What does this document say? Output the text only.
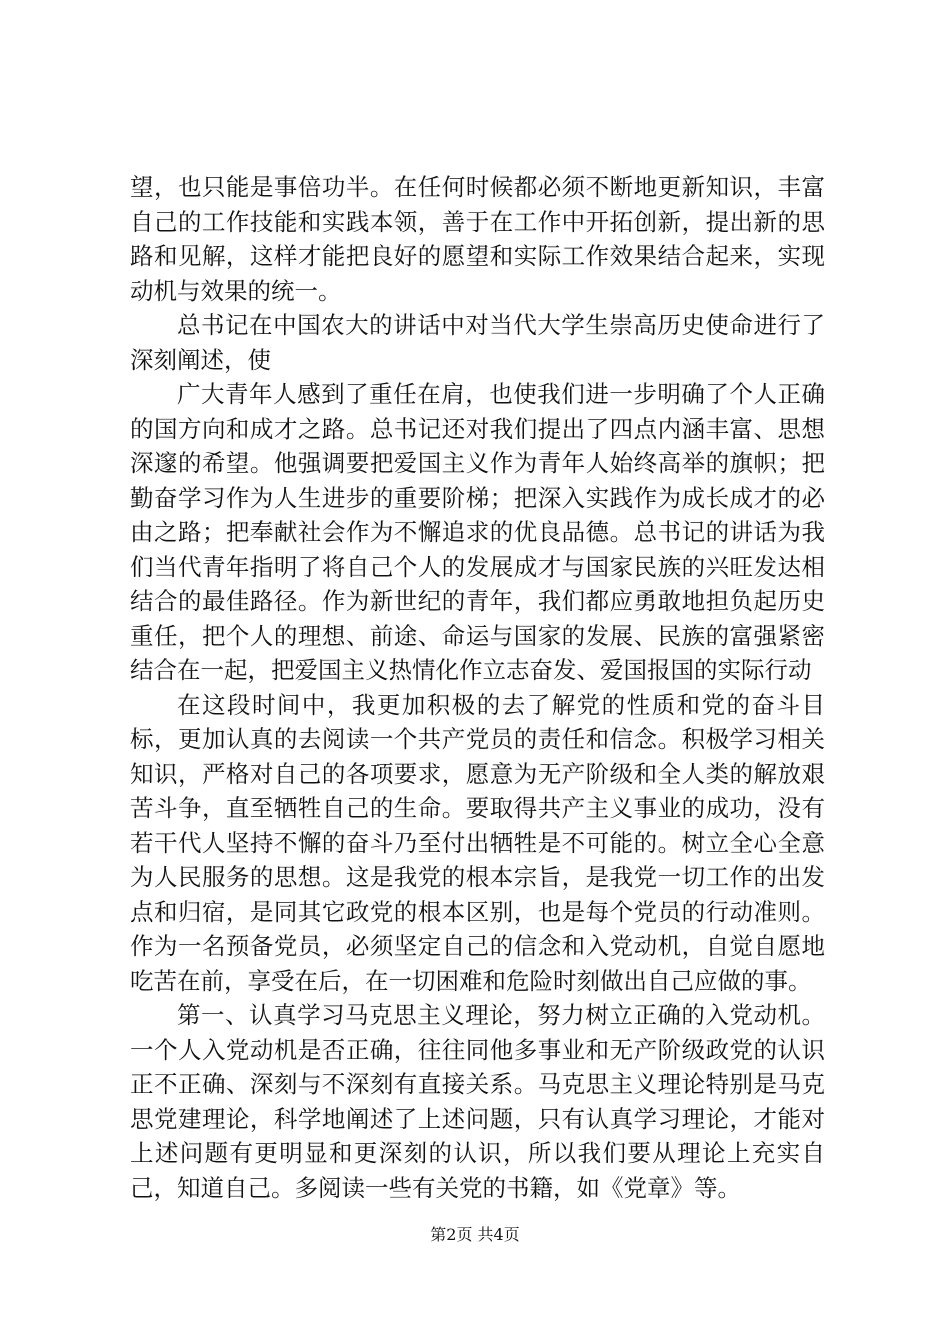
望，也只能是事倍功半。在任何时候都必须不断地更新知识，丰富自己的工作技能和实践本领，善于在工作中开拓创新，提出新的思路和见解，这样才能把良好的愿望和实际工作效果结合起来，实现动机与效果的统一。

总书记在中国农大的讲话中对当代大学生崇高历史使命进行了深刻阐述，使

广大青年人感到了重任在肩，也使我们进一步明确了个人正确的国方向和成才之路。总书记还对我们提出了四点内涵丰富、思想深邃的希望。他强调要把爱国主义作为青年人始终高举的旗帜；把勤奋学习作为人生进步的重要阶梯；把深入实践作为成长成才的必由之路；把奉献社会作为不懈追求的优良品德。总书记的讲话为我们当代青年指明了将自己个人的发展成才与国家民族的兴旺发达相结合的最佳路径。作为新世纪的青年，我们都应勇敢地担负起历史重任，把个人的理想、前途、命运与国家的发展、民族的富强紧密结合在一起，把爱国主义热情化作立志奋发、爱国报国的实际行动

在这段时间中，我更加积极的去了解党的性质和党的奋斗目标，更加认真的去阅读一个共产党员的责任和信念。积极学习相关知识，严格对自己的各项要求，愿意为无产阶级和全人类的解放艰苦斗争，直至牺牲自己的生命。要取得共产主义事业的成功，没有若干代人坚持不懈的奋斗乃至付出牺牲是不可能的。树立全心全意为人民服务的思想。这是我党的根本宗旨，是我党一切工作的出发点和归宿，是同其它政党的根本区别，也是每个党员的行动准则。作为一名预备党员，必须坚定自己的信念和入党动机，自觉自愿地吃苦在前，享受在后，在一切困难和危险时刻做出自己应做的事。

第一、认真学习马克思主义理论，努力树立正确的入党动机。一个人入党动机是否正确，往往同他多事业和无产阶级政党的认识正不正确、深刻与不深刻有直接关系。马克思主义理论特别是马克思党建理论，科学地阐述了上述问题，只有认真学习理论，才能对上述问题有更明显和更深刻的认识，所以我们要从理论上充实自己，知道自己。多阅读一些有关党的书籍，如《党章》等。

第2页 共4页
